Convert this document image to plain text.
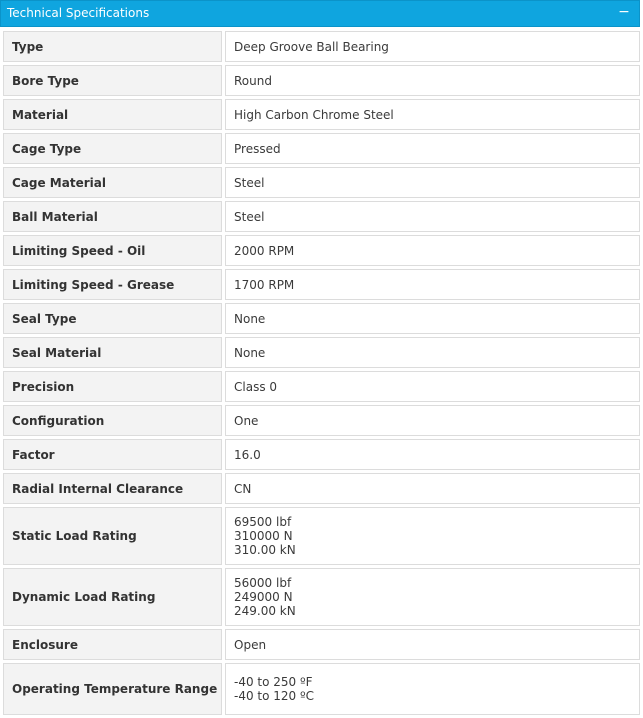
Technical Specifications	−
Type	Deep Groove Ball Bearing
Bore Type	Round
Material	High Carbon Chrome Steel
Cage Type	Pressed
Cage Material	Steel
Ball Material	Steel
Limiting Speed - Oil	2000 RPM
Limiting Speed - Grease	1700 RPM
Seal Type	None
Seal Material	None
Precision	Class 0
Configuration	One
Factor	16.0
Radial Internal Clearance	CN
Static Load Rating	69500 lbf
310000 N
310.00 kN

Dynamic Load Rating	56000 lbf
249000 N
249.00 kN

Enclosure	Open
Operating Temperature Range	-40 to 250 ºF
-40 to 120 ºC
